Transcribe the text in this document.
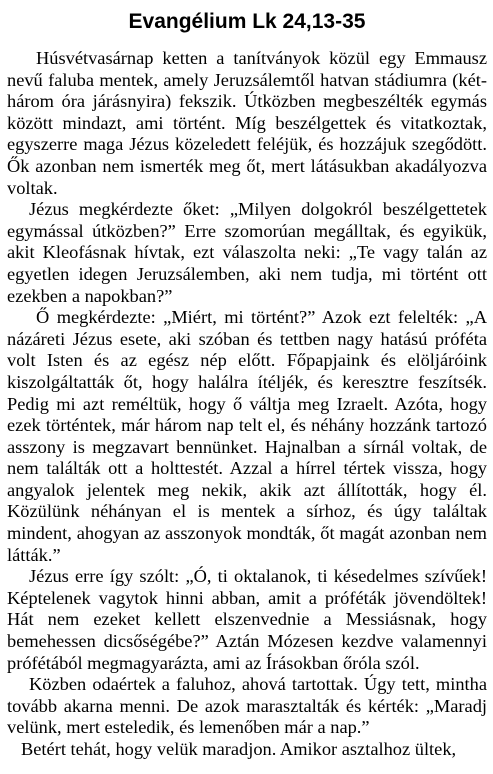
Evangélium Lk 24,13-35

Húsvétvasárnap ketten a tanítványok közül egy Emmausz nevű faluba mentek, amely Jeruzsálemtől hatvan stádiumra (két-három óra járásnyira) fekszik. Útközben megbeszélték egymás között mindazt, ami történt. Míg beszélgettek és vitatkoztak, egyszerre maga Jézus közeledett feléjük, és hozzájuk szegődött. Ők azonban nem ismerték meg őt, mert látásukban akadályozva voltak.

Jézus megkérdezte őket: „Milyen dolgokról beszélgettetek egymással útközben?” Erre szomorúan megálltak, és egyikük, akit Kleofásnak hívtak, ezt válaszolta neki: „Te vagy talán az egyetlen idegen Jeruzsálemben, aki nem tudja, mi történt ott ezekben a napokban?”

Ő megkérdezte: „Miért, mi történt?” Azok ezt felelték: „A názáreti Jézus esete, aki szóban és tettben nagy hatású próféta volt Isten és az egész nép előtt. Főpapjaink és elöljáróink kiszolgáltatták őt, hogy halálra ítéljék, és keresztre feszítsék. Pedig mi azt reméltük, hogy ő váltja meg Izraelt. Azóta, hogy ezek történtek, már három nap telt el, és néhány hozzánk tartozó asszony is megzavart bennünket. Hajnalban a sírnál voltak, de nem találták ott a holttestét. Azzal a hírrel tértek vissza, hogy angyalok jelentek meg nekik, akik azt állították, hogy él. Közülünk néhányan el is mentek a sírhoz, és úgy találtak mindent, ahogyan az asszonyok mondták, őt magát azonban nem látták.”

Jézus erre így szólt: „Ó, ti oktalanok, ti késedelmes szívűek! Képtelenek vagytok hinni abban, amit a próféták jövendöltek! Hát nem ezeket kellett elszenvednie a Messiásnak, hogy bemehessen dicsőségébe?” Aztán Mózesen kezdve valamennyi prófétából megmagyarázta, ami az Írásokban őróla szól.

Közben odaértek a faluhoz, ahová tartottak. Úgy tett, mintha tovább akarna menni. De azok marasztalták és kérték: „Maradj velünk, mert esteledik, és lemenőben már a nap.”

Betért tehát, hogy velük maradjon. Amikor asztalhoz ültek,
